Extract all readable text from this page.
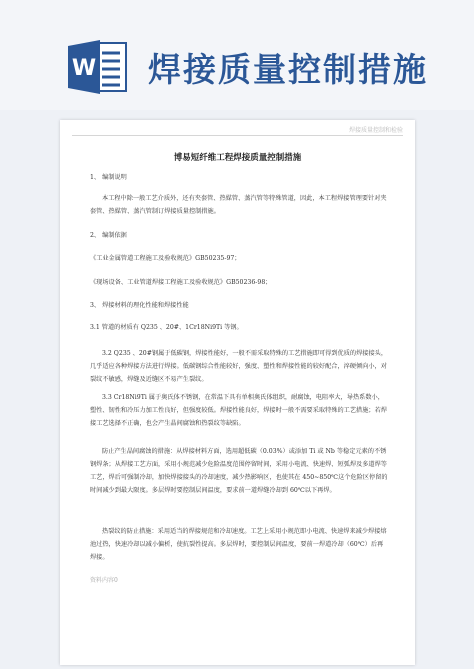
W 焊接质量控制措施
焊接质量控制和检验
博易短纤维工程焊接质量控制措施

1、 编制说明

本工程中除一般工艺介质外，还有夹套管、热媒管、蒸汽管等特殊管道，因此，本工程焊接管理要针对夹套管、热媒管、蒸汽管制订焊接质量控制措施。

2、 编制依据

《工业金属管道工程施工及验收规范》GB50235-97；

《现场设备、工业管道焊接工程施工及验收规范》GB50236-98；

3、 焊接材料的理化性能和焊接性能

3.1 管道的材质有 Q235 、20#、1Cr18Ni9Ti 等钢。

3.2 Q235 、20#钢属于低碳钢，焊接性能好，一般不需采取特殊的工艺措施即可得到优质的焊接接头，几乎适应各种焊接方法进行焊接。低碳钢综合性能较好，强度、塑性和焊接性能的较好配合，淬硬倾向小，对裂纹不敏感，焊缝及近缝区不易产生裂纹。

3.3 Cr18Ni9Ti 属于奥氏体不锈钢，在常温下具有单相奥氏体组织，耐腐蚀，电阻率大，导热系数小，塑性、韧性和冷压力加工性良好，但强度较低。焊接性能良好，焊接时一般不需要采取特殊的工艺措施；若焊接工艺选择不正确，也会产生晶间腐蚀和热裂纹等缺陷。

防止产生晶间腐蚀的措施：从焊接材料方面，选用超低碳（0.03%）或添加 Ti 或 Nb 等稳定元素的不锈钢焊条；从焊接工艺方面，采用小规范减少危险温度范围停留时间，采用小电流、快速焊、短弧焊及多道焊等工艺，焊后可强制冷却，加快焊接接头的冷却速度，减少热影响区，也使其在 450~850℃这个危险区停留的时间减少到最大限度。多层焊时要控制层间温度，要求前一道焊缝冷却到 60℃以下再焊。

热裂纹的防止措施：采用适当的焊接规范和冷却速度。工艺上采用小规范即小电流、快速焊来减少焊接熔池过热，快速冷却以减小偏析，使抗裂性提高。多层焊时，要控制层间温度，要前一焊道冷却（60℃）后再焊接。

资料内容0
